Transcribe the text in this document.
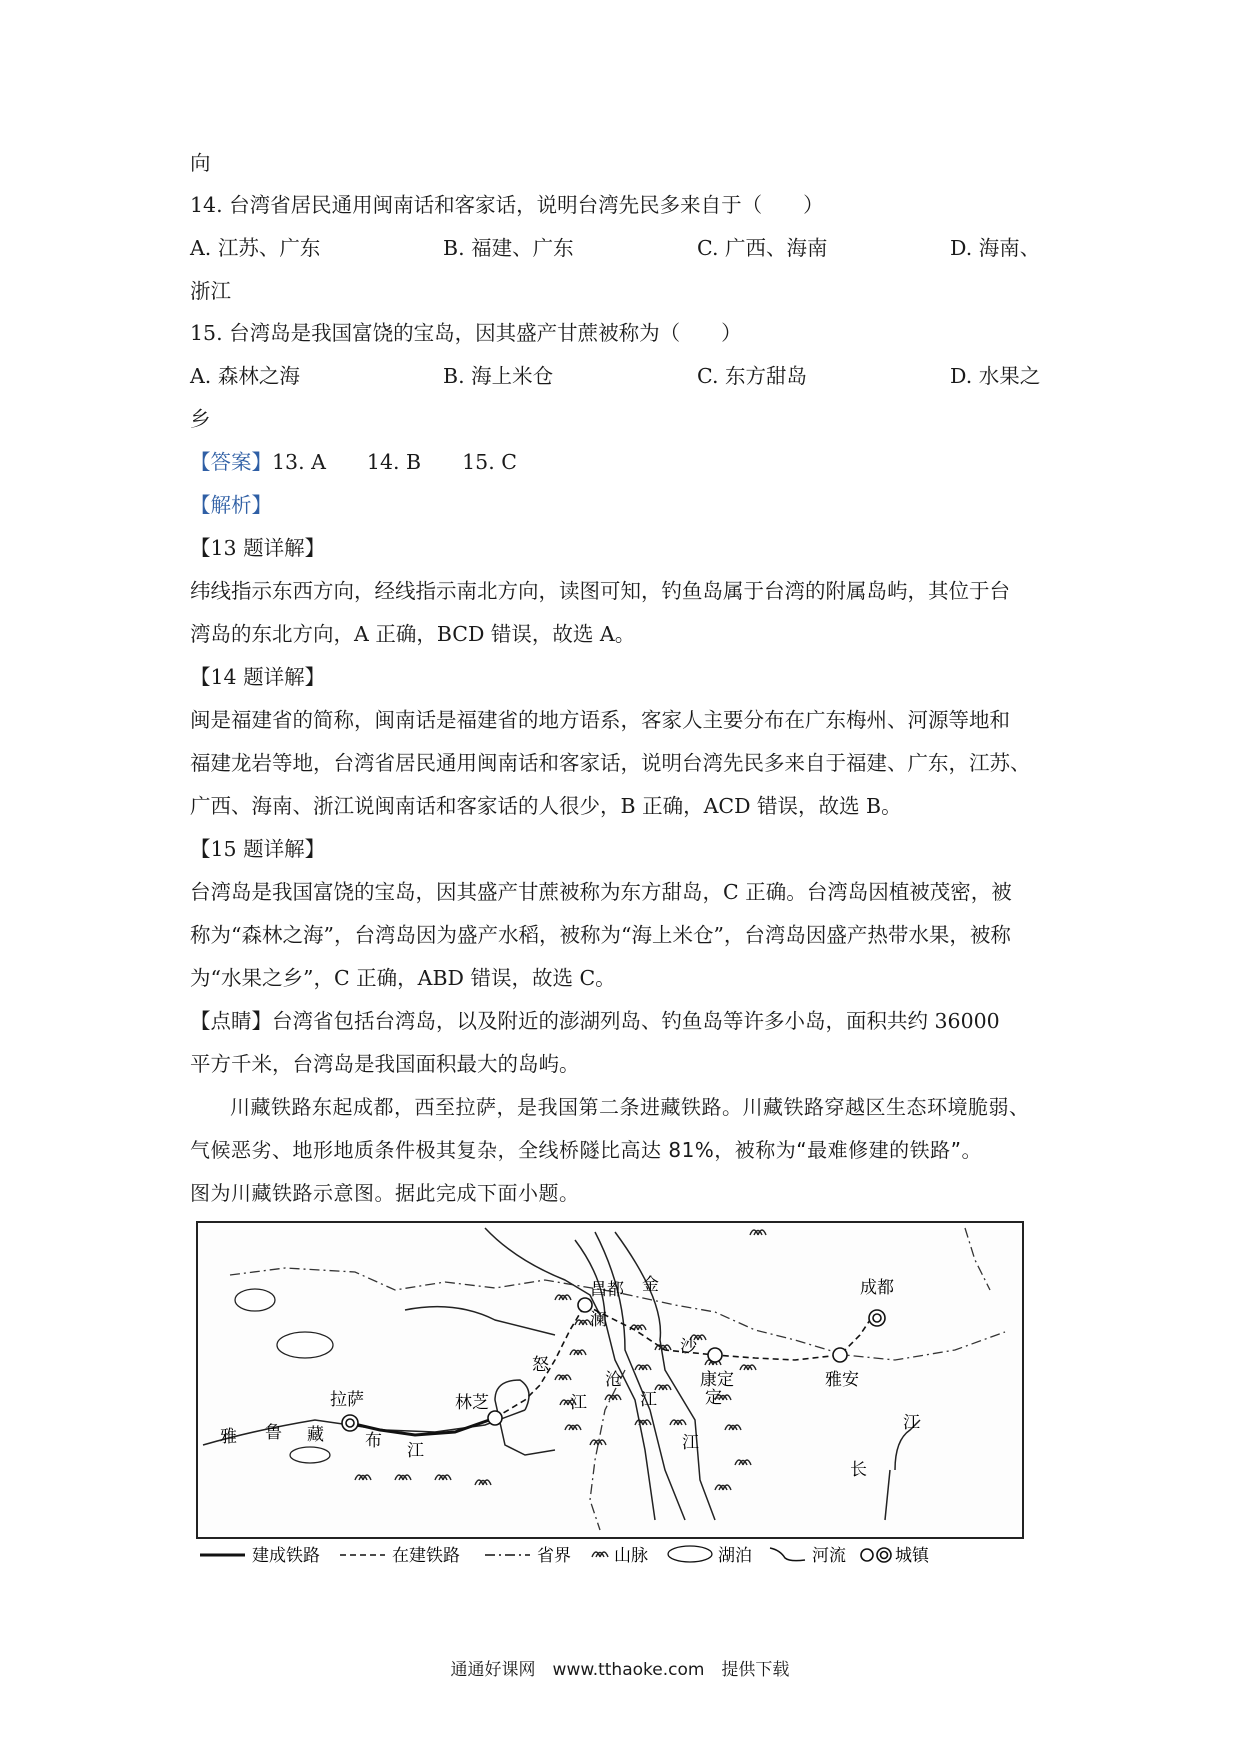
向
14. 台湾省居民通用闽南话和客家话，说明台湾先民多来自于（　　）
A. 江苏、广东	B. 福建、广东	C. 广西、海南	D. 海南、
浙江
15. 台湾岛是我国富饶的宝岛，因其盛产甘蔗被称为（　　）
A. 森林之海	B. 海上米仓	C. 东方甜岛	D. 水果之
乡
【答案】13. A　　14. B　　15. C
【解析】
【13 题详解】
纬线指示东西方向，经线指示南北方向，读图可知，钓鱼岛属于台湾的附属岛屿，其位于台
湾岛的东北方向，A 正确，BCD 错误，故选 A。
【14 题详解】
闽是福建省的简称，闽南话是福建省的地方语系，客家人主要分布在广东梅州、河源等地和
福建龙岩等地，台湾省居民通用闽南话和客家话，说明台湾先民多来自于福建、广东，江苏、
广西、海南、浙江说闽南话和客家话的人很少，B 正确，ACD 错误，故选 B。
【15 题详解】
台湾岛是我国富饶的宝岛，因其盛产甘蔗被称为东方甜岛，C 正确。台湾岛因植被茂密，被
称为“森林之海”，台湾岛因为盛产水稻，被称为“海上米仓”，台湾岛因盛产热带水果，被称
为“水果之乡”，C 正确，ABD 错误，故选 C。
【点睛】台湾省包括台湾岛，以及附近的澎湖列岛、钓鱼岛等许多小岛，面积共约 36000
平方千米，台湾岛是我国面积最大的岛屿。
川藏铁路东起成都，西至拉萨，是我国第二条进藏铁路。川藏铁路穿越区生态环境脆弱、
气候恶劣、地形地质条件极其复杂，全线桥隧比高达 81%，被称为“最难修建的铁路”。
图为川藏铁路示意图。据此完成下面小题。
成都
雅安
康定
昌都
拉萨	林芝
金
沙
江
澜
沧
江
怒
江
雅 鲁 藏 布 江
江
长
定
建成铁路	在建铁路	省界	山脉	湖泊	河流	城镇
通通好课网　www.tthaoke.com　提供下载
